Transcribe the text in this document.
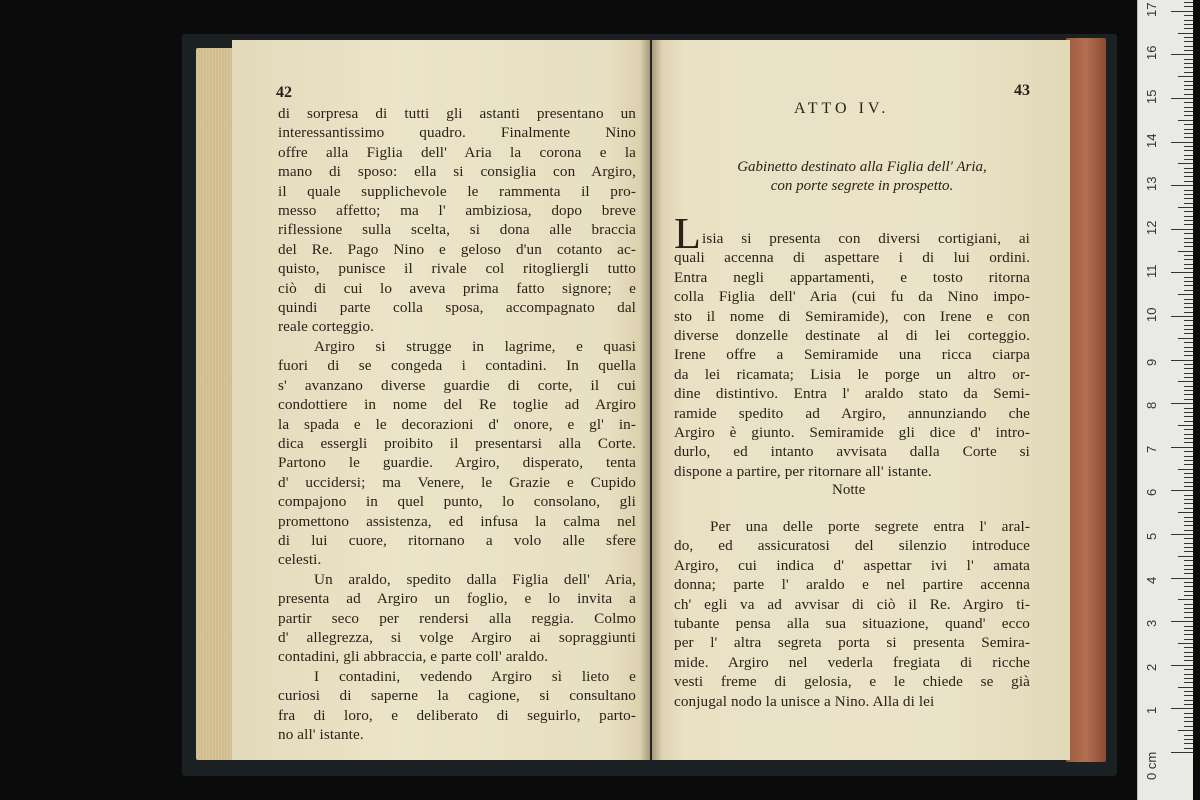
42
di sorpresa di tutti gli astanti presentano un
interessantissimo quadro. Finalmente Nino
offre alla Figlia dell' Aria la corona e la
mano di sposo: ella si consiglia con Argiro,
il quale supplichevole le rammenta il pro-
messo affetto; ma l' ambiziosa, dopo breve
riflessione sulla scelta, si dona alle braccia
del Re. Pago Nino e geloso d'un cotanto ac-
quisto, punisce il rivale col ritogliergli tutto
ciò di cui lo aveva prima fatto signore; e
quindi parte colla sposa, accompagnato dal
reale corteggio.
Argiro si strugge in lagrime, e quasi
fuori di se congeda i contadini. In quella
s' avanzano diverse guardie di corte, il cui
condottiere in nome del Re toglie ad Argiro
la spada e le decorazioni d' onore, e gl' in-
dica essergli proibito il presentarsi alla Corte.
Partono le guardie. Argiro, disperato, tenta
d' uccidersi; ma Venere, le Grazie e Cupido
compajono in quel punto, lo consolano, gli
promettono assistenza, ed infusa la calma nel
di lui cuore, ritornano a volo alle sfere
celesti.
Un araldo, spedito dalla Figlia dell' Aria,
presenta ad Argiro un foglio, e lo invita a
partir seco per rendersi alla reggia. Colmo
d' allegrezza, si volge Argiro ai sopraggiunti
contadini, gli abbraccia, e parte coll' araldo.
I contadini, vedendo Argiro sì lieto e
curiosi di saperne la cagione, si consultano
fra di loro, e deliberato di seguirlo, parto-
no all' istante.
43
ATTO IV.
Gabinetto destinato alla Figlia dell' Aria,
con porte segrete in prospetto.
L isia si presenta con diversi cortigiani, ai
quali accenna di aspettare i di lui ordini.
Entra negli appartamenti, e tosto ritorna
colla Figlia dell' Aria (cui fu da Nino impo-
sto il nome di Semiramide), con Irene e con
diverse donzelle destinate al di lei corteggio.
Irene offre a Semiramide una ricca ciarpa
da lei ricamata; Lisia le porge un altro or-
dine distintivo. Entra l' araldo stato da Semi-
ramide spedito ad Argiro, annunziando che
Argiro è giunto. Semiramide gli dice d' intro-
durlo, ed intanto avvisata dalla Corte si
dispone a partire, per ritornare all' istante.
Notte
Per una delle porte segrete entra l' aral-
do, ed assicuratosi del silenzio introduce
Argiro, cui indica d' aspettar ivi l' amata
donna; parte l' araldo e nel partire accenna
ch' egli va ad avvisar di ciò il Re. Argiro ti-
tubante pensa alla sua situazione, quand' ecco
per l' altra segreta porta si presenta Semira-
mide. Argiro nel vederla fregiata di ricche
vesti freme di gelosia, e le chiede se già
conjugal nodo la unisce a Nino. Alla di lei
0 cm
1
2
3
4
5
6
7
8
9
10
11
12
13
14
15
16
17
